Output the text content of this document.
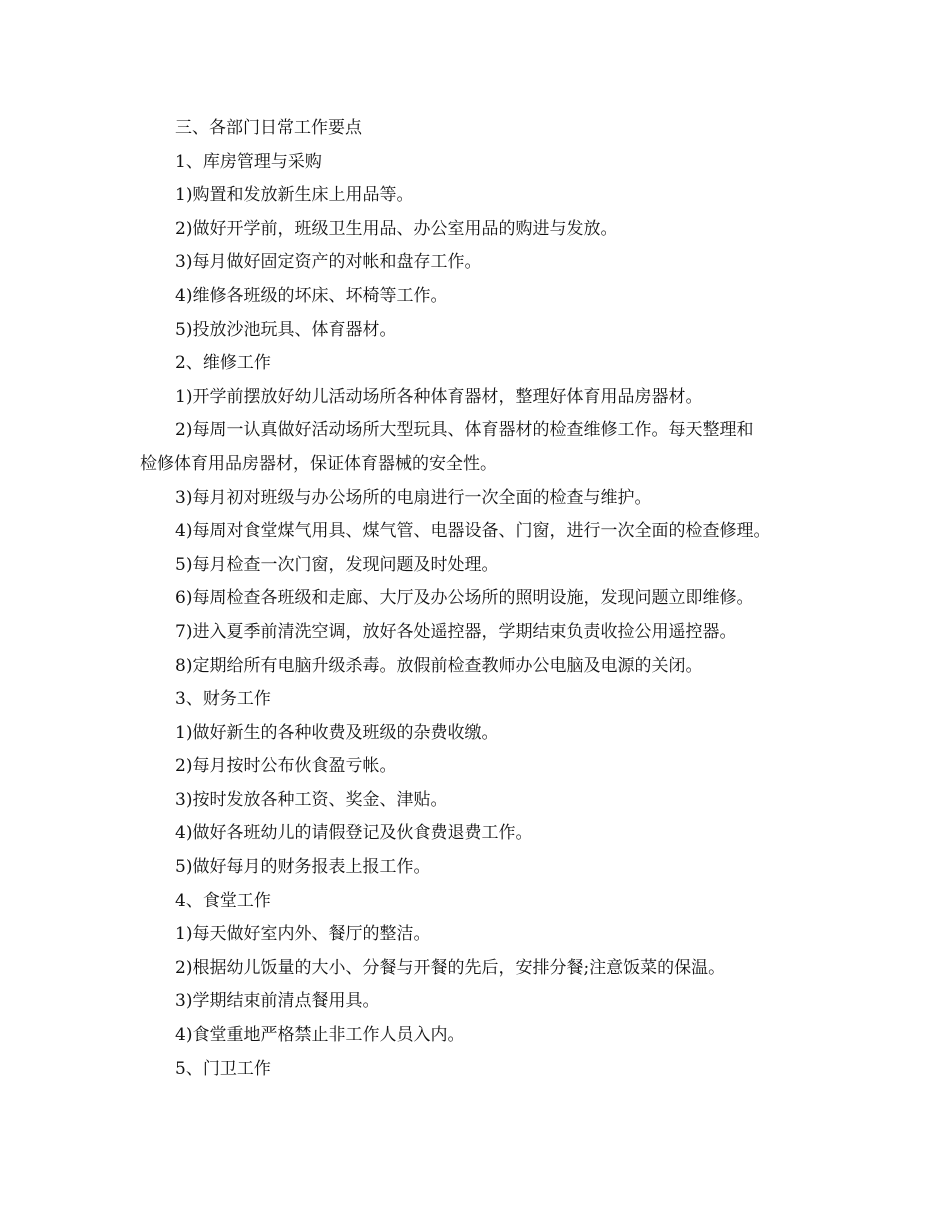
三、各部门日常工作要点

1、库房管理与采购

1)购置和发放新生床上用品等。

2)做好开学前，班级卫生用品、办公室用品的购进与发放。

3)每月做好固定资产的对帐和盘存工作。

4)维修各班级的坏床、坏椅等工作。

5)投放沙池玩具、体育器材。

2、维修工作

1)开学前摆放好幼儿活动场所各种体育器材，整理好体育用品房器材。

2)每周一认真做好活动场所大型玩具、体育器材的检查维修工作。每天整理和

检修体育用品房器材，保证体育器械的安全性。

3)每月初对班级与办公场所的电扇进行一次全面的检查与维护。

4)每周对食堂煤气用具、煤气管、电器设备、门窗，进行一次全面的检查修理。

5)每月检查一次门窗，发现问题及时处理。

6)每周检查各班级和走廊、大厅及办公场所的照明设施，发现问题立即维修。

7)进入夏季前清洗空调，放好各处遥控器，学期结束负责收捡公用遥控器。

8)定期给所有电脑升级杀毒。放假前检查教师办公电脑及电源的关闭。

3、财务工作

1)做好新生的各种收费及班级的杂费收缴。

2)每月按时公布伙食盈亏帐。

3)按时发放各种工资、奖金、津贴。

4)做好各班幼儿的请假登记及伙食费退费工作。

5)做好每月的财务报表上报工作。

4、食堂工作

1)每天做好室内外、餐厅的整洁。

2)根据幼儿饭量的大小、分餐与开餐的先后，安排分餐;注意饭菜的保温。

3)学期结束前清点餐用具。

4)食堂重地严格禁止非工作人员入内。

5、门卫工作
